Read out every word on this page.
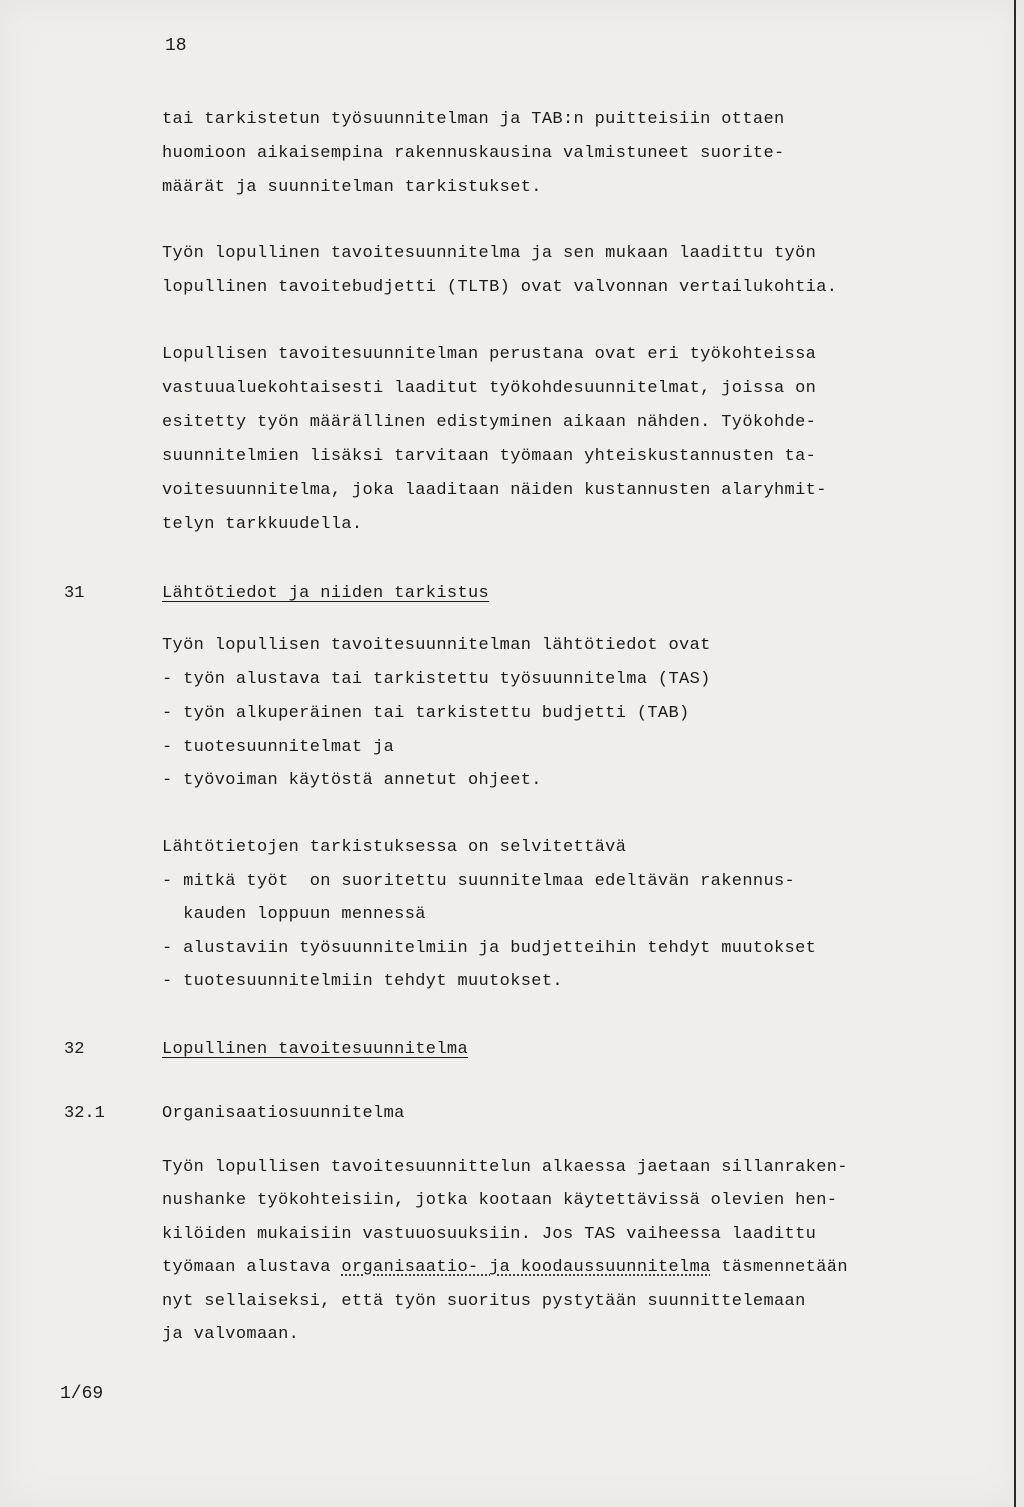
18
tai tarkistetun työsuunnitelman ja TAB:n puitteisiin ottaen
huomioon aikaisempina rakennuskausina valmistuneet suorite-
määrät ja suunnitelman tarkistukset.
Työn lopullinen tavoitesuunnitelma ja sen mukaan laadittu työn
lopullinen tavoitebudjetti (TLTB) ovat valvonnan vertailukohtia.
Lopullisen tavoitesuunnitelman perustana ovat eri työkohteissa
vastuualuekohtaisesti laaditut työkohdesuunnitelmat, joissa on
esitetty työn määrällinen edistyminen aikaan nähden. Työkohde-
suunnitelmien lisäksi tarvitaan työmaan yhteiskustannusten ta-
voitesuunnitelma, joka laaditaan näiden kustannusten alaryhmit-
telyn tarkkuudella.
31	Lähtötiedot ja niiden tarkistus
Työn lopullisen tavoitesuunnitelman lähtötiedot ovat
- työn alustava tai tarkistettu työsuunnitelma (TAS)
- työn alkuperäinen tai tarkistettu budjetti (TAB)
- tuotesuunnitelmat ja
- työvoiman käytöstä annetut ohjeet.
Lähtötietojen tarkistuksessa on selvitettävä
- mitkä työt  on suoritettu suunnitelmaa edeltävän rakennus-
kauden loppuun mennessä
- alustaviin työsuunnitelmiin ja budjetteihin tehdyt muutokset
- tuotesuunnitelmiin tehdyt muutokset.
32	Lopullinen tavoitesuunnitelma
32.1	Organisaatiosuunnitelma
Työn lopullisen tavoitesuunnittelun alkaessa jaetaan sillanraken-
nushanke työkohteisiin, jotka kootaan käytettävissä olevien hen-
kilöiden mukaisiin vastuuosuuksiin. Jos TAS vaiheessa laadittu
työmaan alustava organisaatio- ja koodaussuunnitelma täsmennetään
nyt sellaiseksi, että työn suoritus pystytään suunnittelemaan
ja valvomaan.
1/69
